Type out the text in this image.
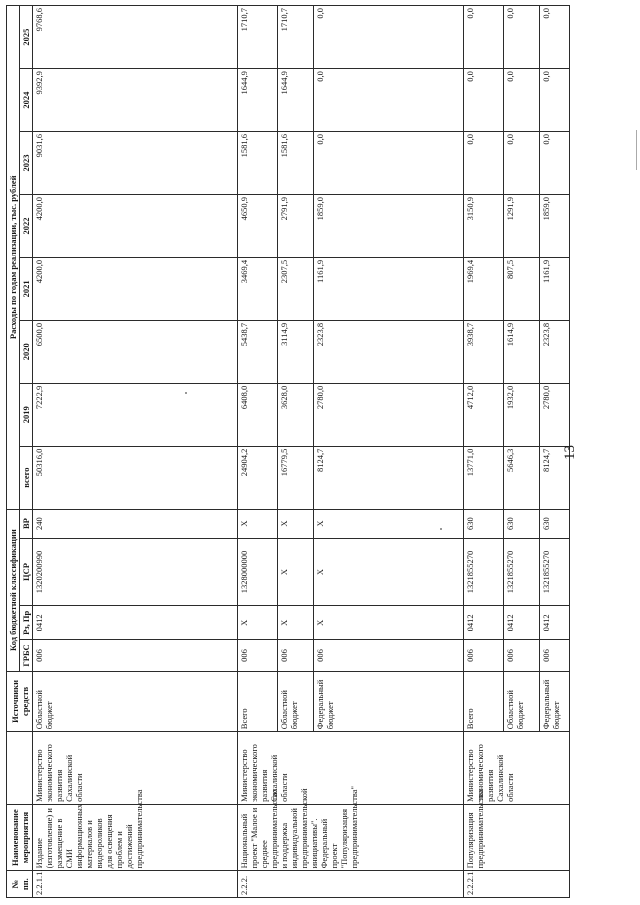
№ пп.	Наименование мероприятия		Источники средств	Код бюджетной классификации				Расходы по годам реализации, тыс. рублей							
				ГРБС	Рз, Пр	ЦСР	ВР	всего	2019	2020	2021	2022	2023	2024	2025
2.2.1.1.	Издание (изготовление) и размещение в СМИ информационных материалов и видеороликов для освещения проблем и достижений предпринимательства	Министерство экономического развития Сахалинской области	Областной бюджет	006	0412	1320200990	240	50316,0	7222,9	6500,0	4200,0	4200,0	9031,6	9392,9	9768,6
2.2.2.	Национальный проект "Малое и среднее предпринимательство и поддержка индивидуальной предпринимательской инициативы". Федеральный проект "Популяризация предпринимательства"	Министерство экономического развития Сахалинской области	Всего	006	Х	1328000000	Х	24904,2	6408,0	5438,7	3469,4	4650,9	1581,6	1644,9	1710,7
			Областной бюджет	006	Х	Х	Х	16779,5	3628,0	3114,9	2307,5	2791,9	1581,6	1644,9	1710,7
			Федеральный бюджет	006	Х	Х	Х	8124,7	2780,0	2323,8	1161,9	1859,0	0,0	0,0	0,0
2.2.2.1.	Популяризация предпринимательства	Министерство экономического развития Сахалинской области	Всего	006	0412	1321855270	630	13771,0	4712,0	3938,7	1969,4	3150,9	0,0	0,0	0,0
			Областной бюджет	006	0412	1321855270	630	5646,3	1932,0	1614,9	807,5	1291,9	0,0	0,0	0,0
			Федеральный бюджет	006	0412	1321855270	630	8124,7	2780,0	2323,8	1161,9	1859,0	0,0	0,0	0,0
13
